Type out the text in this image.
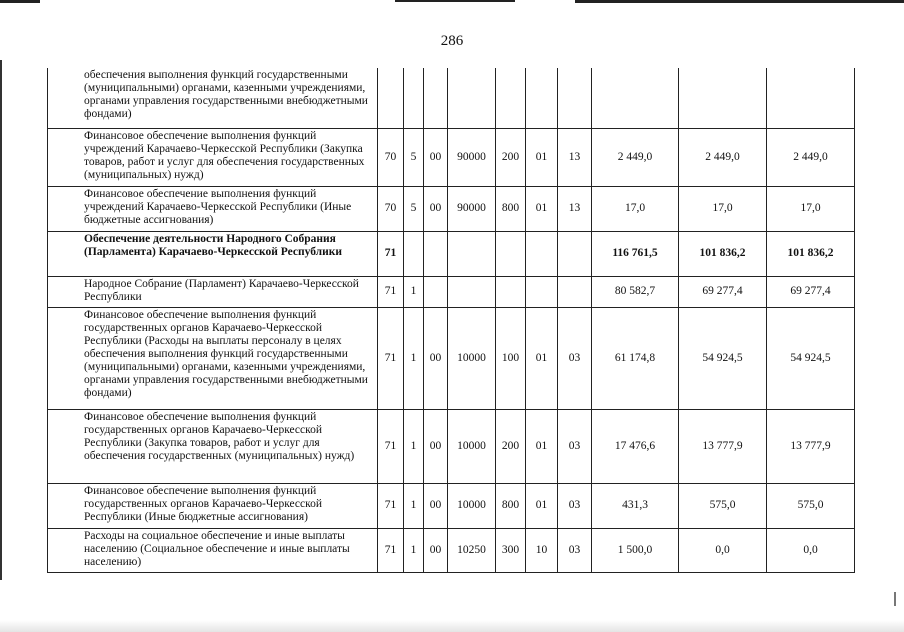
286
обеспечения выполнения функций государственными (муниципальными) органами, казенными учреждениями, органами управления государственными внебюджетными фондами)										
Финансовое обеспечение выполнения функций учреждений Карачаево-Черкесской Республики (Закупка товаров, работ и услуг для обеспечения государственных (муниципальных) нужд)	70	5	00	90000	200	01	13	2 449,0	2 449,0	2 449,0
Финансовое обеспечение выполнения функций учреждений Карачаево-Черкесской Республики (Иные бюджетные ассигнования)	70	5	00	90000	800	01	13	17,0	17,0	17,0
Обеспечение деятельности Народного Собрания (Парламента) Карачаево-Черкесской Республики	71							116 761,5	101 836,2	101 836,2
Народное Собрание (Парламент) Карачаево-Черкесской Республики	71	1						80 582,7	69 277,4	69 277,4
Финансовое обеспечение выполнения функций государственных органов Карачаево-Черкесской Республики (Расходы на выплаты персоналу в целях обеспечения выполнения функций государственными (муниципальными) органами, казенными учреждениями, органами управления государственными внебюджетными фондами)	71	1	00	10000	100	01	03	61 174,8	54 924,5	54 924,5
Финансовое обеспечение выполнения функций государственных органов Карачаево-Черкесской Республики (Закупка товаров, работ и услуг для обеспечения государственных (муниципальных) нужд)	71	1	00	10000	200	01	03	17 476,6	13 777,9	13 777,9
Финансовое обеспечение выполнения функций государственных органов Карачаево-Черкесской Республики (Иные бюджетные ассигнования)	71	1	00	10000	800	01	03	431,3	575,0	575,0
Расходы на социальное обеспечение и иные выплаты населению (Социальное обеспечение и иные выплаты населению)	71	1	00	10250	300	10	03	1 500,0	0,0	0,0
